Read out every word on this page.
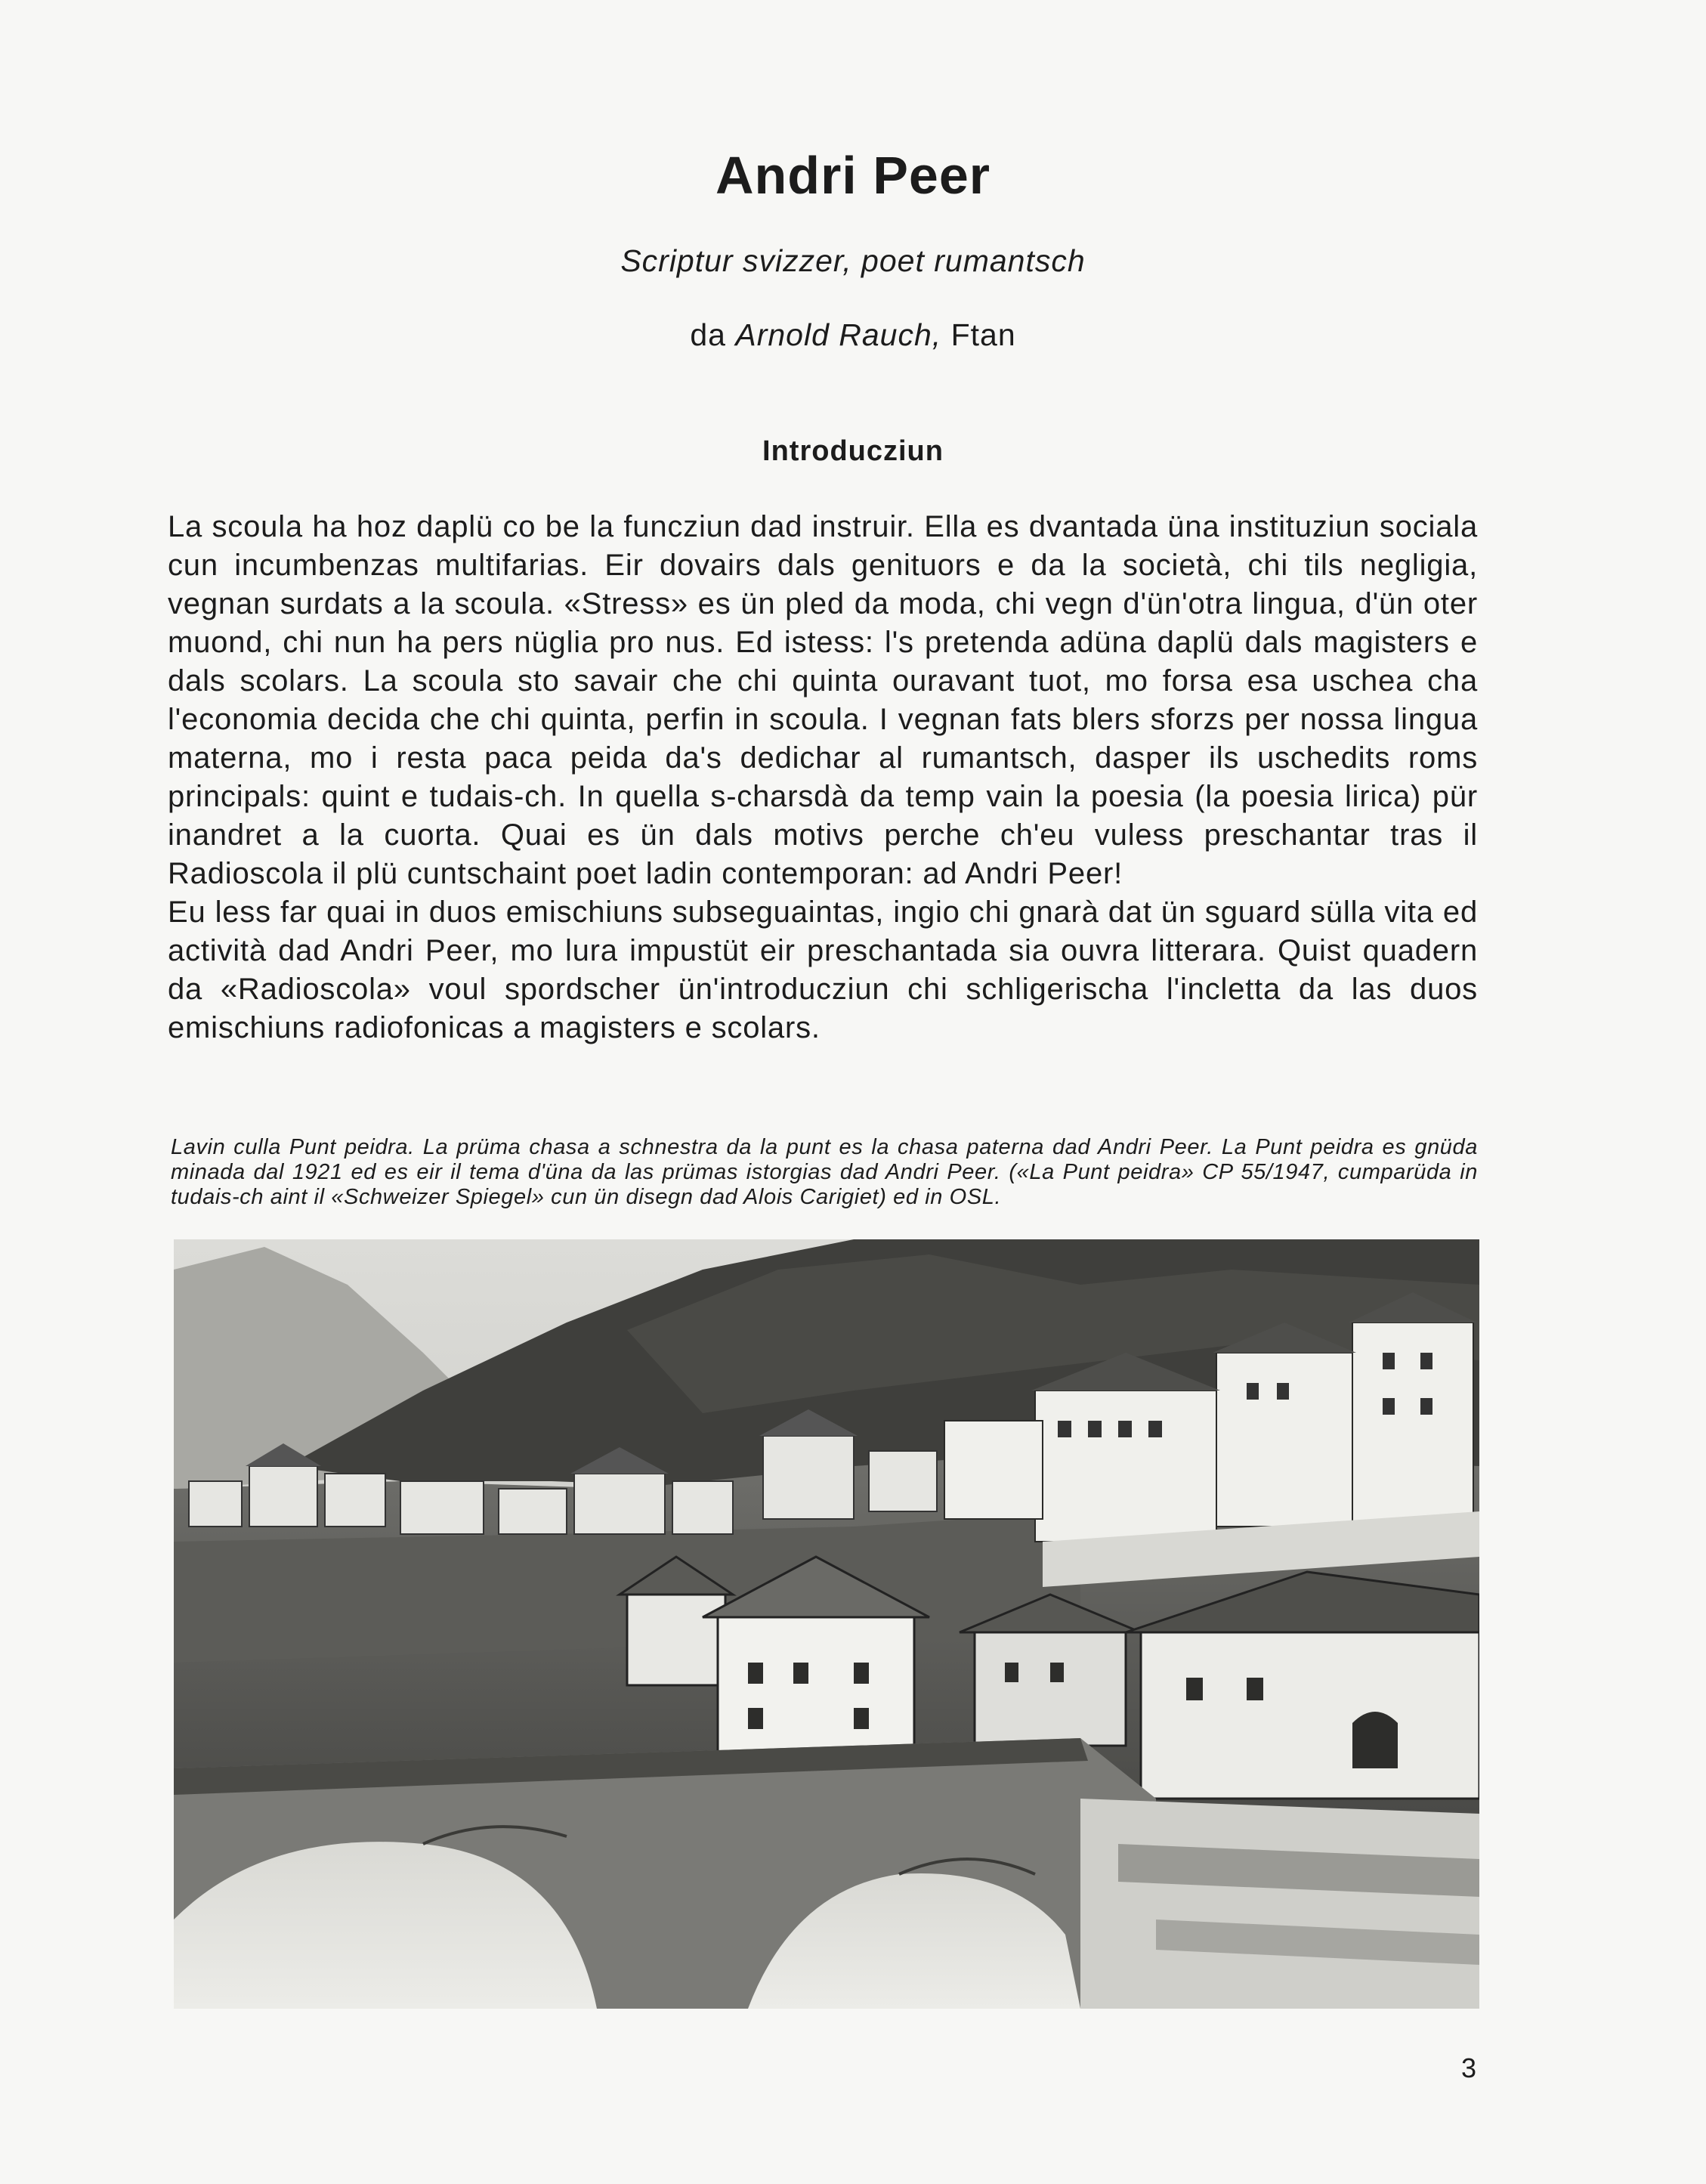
Andri Peer
Scriptur svizzer, poet rumantsch
da Arnold Rauch, Ftan
Introducziun

La scoula ha hoz daplü co be la funcziun dad instruir. Ella es dvantada üna instituziun sociala cun incumbenzas multifarias. Eir dovairs dals genituors e da la società, chi tils negligia, vegnan surdats a la scoula. «Stress» es ün pled da moda, chi vegn d'ün'otra lingua, d'ün oter muond, chi nun ha pers nüglia pro nus. Ed istess: l's pretenda adüna daplü dals magisters e dals scolars. La scoula sto savair che chi quinta ouravant tuot, mo forsa esa uschea cha l'economia decida che chi quinta, perfin in scoula. I vegnan fats blers sforzs per nossa lingua materna, mo i resta paca peida da's dedichar al rumantsch, dasper ils uschedits roms principals: quint e tudais-ch. In quella s-charsdà da temp vain la poesia (la poesia lirica) pür inandret a la cuorta. Quai es ün dals motivs perche ch'eu vuless preschantar tras il Radioscola il plü cuntschaint poet ladin contemporan: ad Andri Peer!

Eu less far quai in duos emischiuns subseguaintas, ingio chi gnarà dat ün sguard sülla vita ed actività dad Andri Peer, mo lura impustüt eir preschantada sia ouvra litterara. Quist quadern da «Radioscola» voul spordscher ün'introducziun chi schligerischa l'incletta da las duos emischiuns radiofonicas a magisters e scolars.

Lavin culla Punt peidra. La prüma chasa a schnestra da la punt es la chasa paterna dad Andri Peer. La Punt peidra es gnüda minada dal 1921 ed es eir il tema d'üna da las prümas istorgias dad Andri Peer. («La Punt peidra» CP 55/1947, cumparüda in tudais-ch aint il «Schweizer Spiegel» cun ün disegn dad Alois Carigiet) ed in OSL.
3
